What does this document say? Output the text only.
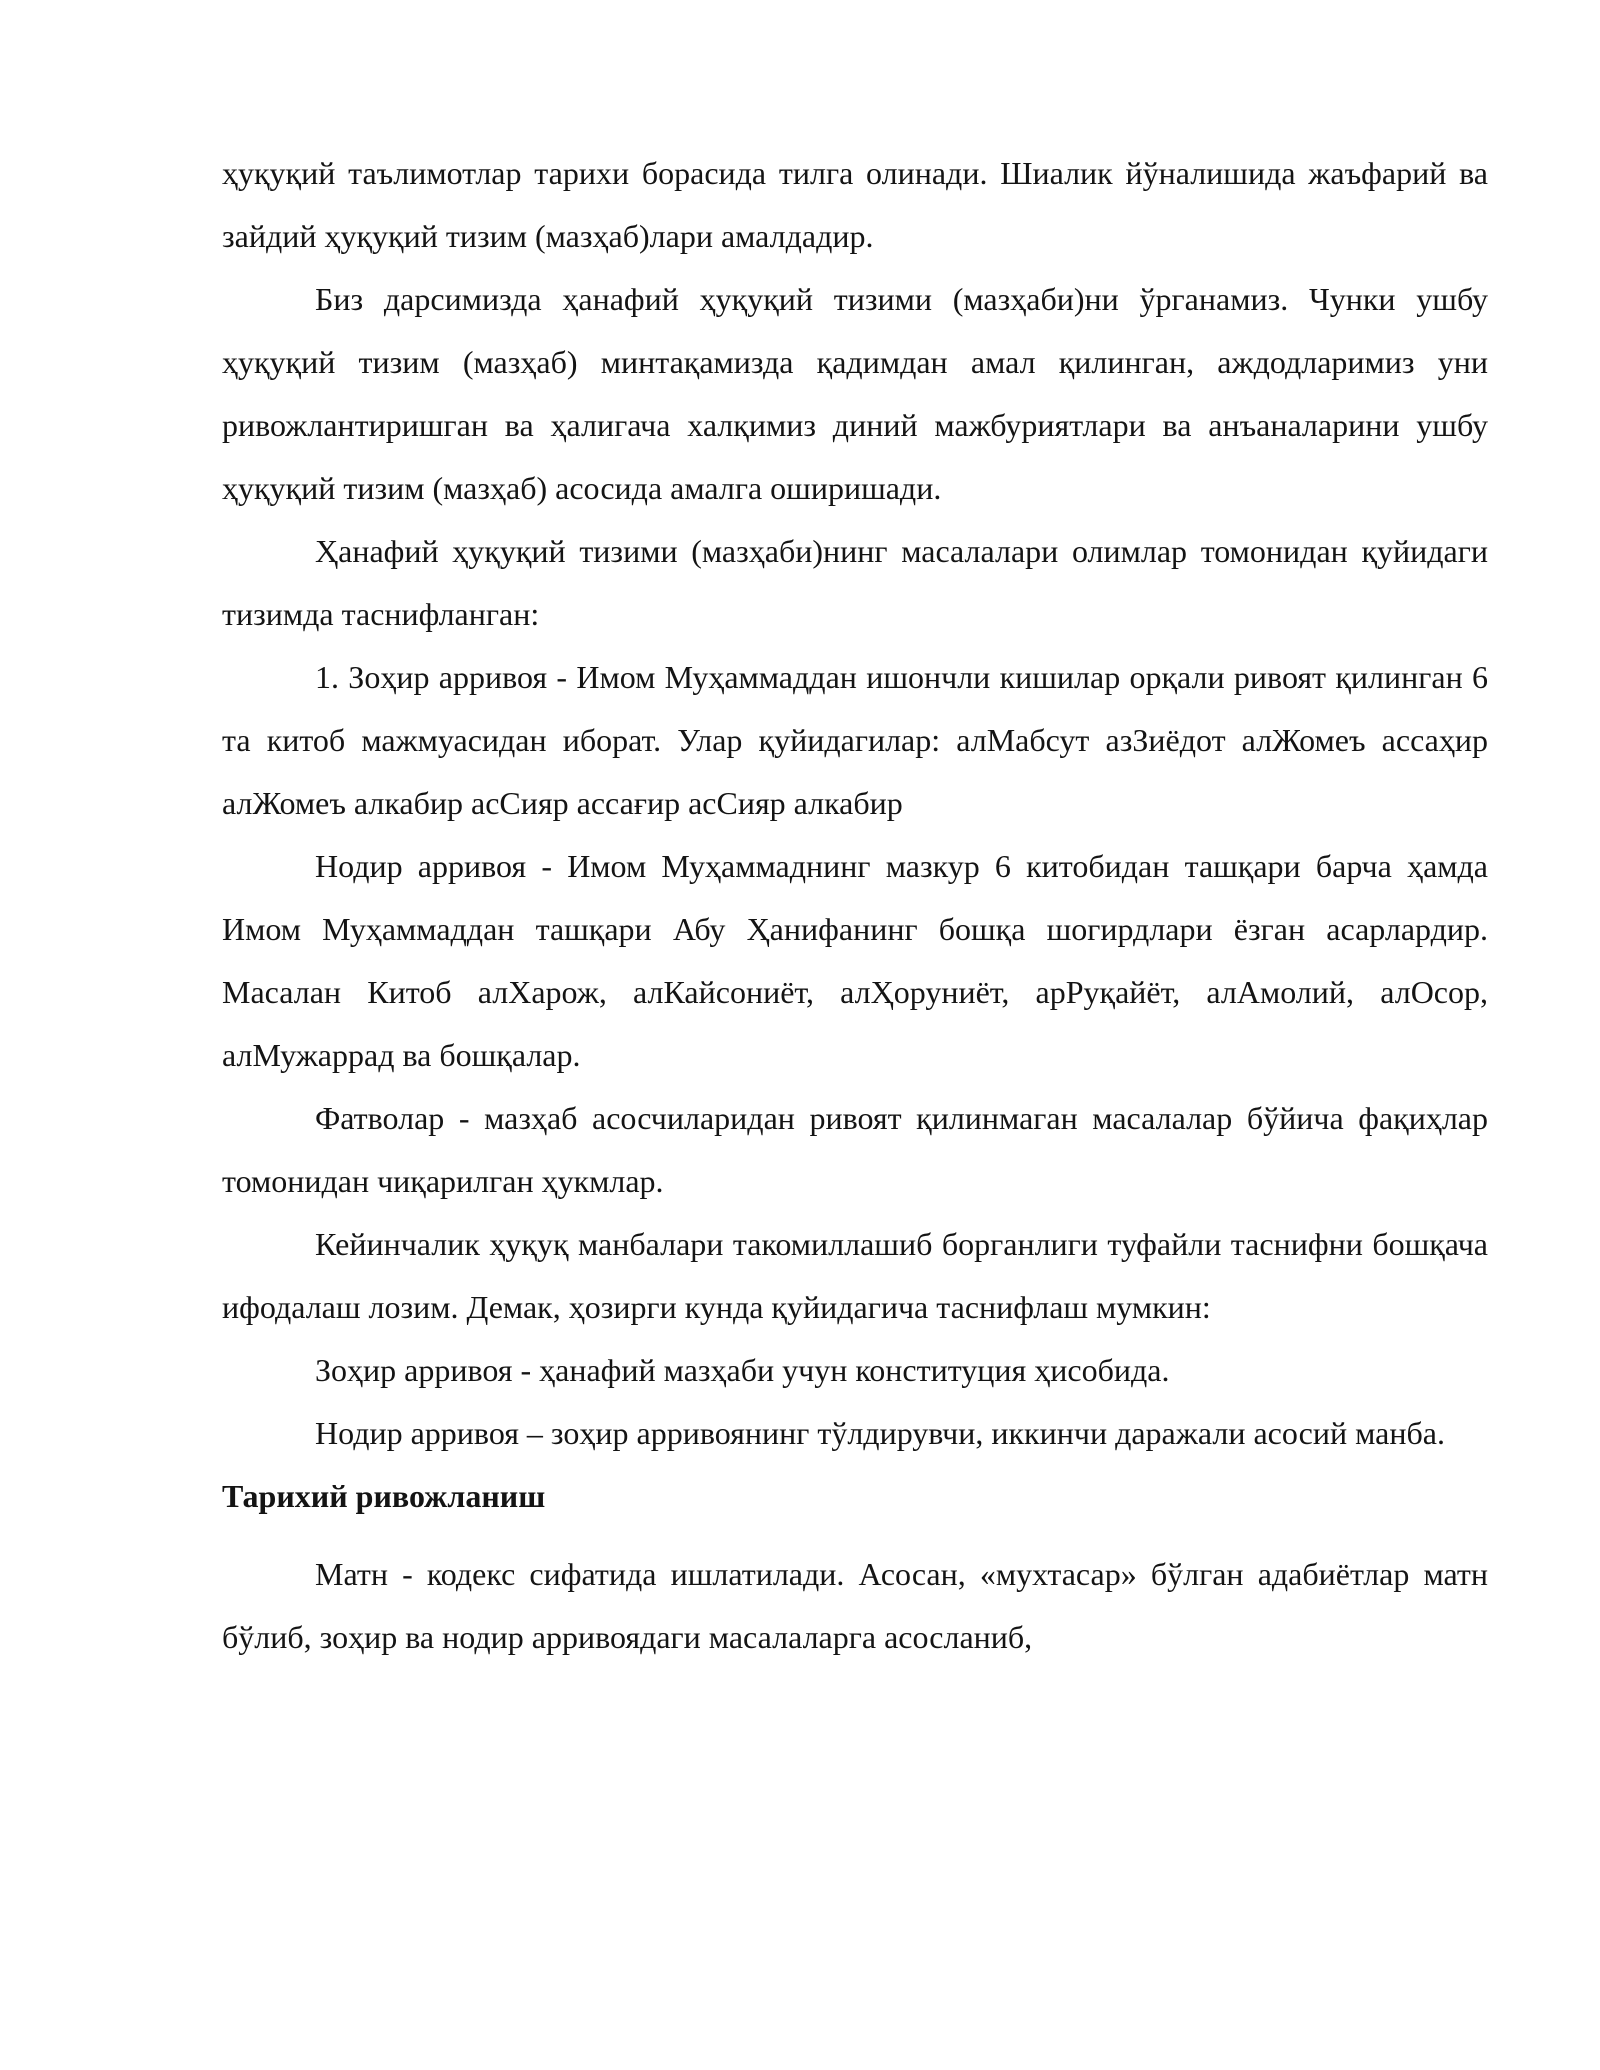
ҳуқуқий таълимотлар тарихи борасида тилга олинади. Шиалик йўналишида жаъфарий ва зайдий ҳуқуқий тизим (мазҳаб)лари амалдадир.

Биз дарсимизда ҳанафий ҳуқуқий тизими (мазҳаби)ни ўрганамиз. Чунки ушбу ҳуқуқий тизим (мазҳаб) минтақамизда қадимдан амал қилинган, аждодларимиз уни ривожлантиришган ва ҳалигача халқимиз диний мажбуриятлари ва анъаналарини ушбу ҳуқуқий тизим (мазҳаб) асосида амалга оширишади.

Ҳанафий ҳуқуқий тизими (мазҳаби)нинг масалалари олимлар томонидан қуйидаги тизимда таснифланган:

1. Зоҳир арривоя - Имом Муҳаммаддан ишончли кишилар орқали ривоят қилинган 6 та китоб мажмуасидан иборат. Улар қуйидагилар: алМабсут азЗиёдот алЖомеъ ассаҳир алЖомеъ алкабир асСияр ассағир асСияр алкабир

Нодир арривоя - Имом Муҳаммаднинг мазкур 6 китобидан ташқари барча ҳамда Имом Муҳаммаддан ташқари Абу Ҳанифанинг бошқа шогирдлари ёзган асарлардир. Масалан Китоб алХарож, алКайсониёт, алҲоруниёт, арРуқайёт, алАмолий, алОсор, алМужаррад ва бошқалар.

Фатволар - мазҳаб асосчиларидан ривоят қилинмаган масалалар бўйича фақиҳлар томонидан чиқарилган ҳукмлар.

Кейинчалик ҳуқуқ манбалари такомиллашиб борганлиги туфайли таснифни бошқача ифодалаш лозим. Демак, ҳозирги кунда қуйидагича таснифлаш мумкин:

Зоҳир арривоя - ҳанафий мазҳаби учун конституция ҳисобида.

Нодир арривоя – зоҳир арривоянинг тўлдирувчи, иккинчи даражали асосий манба.

Тарихий ривожланиш

Матн - кодекс сифатида ишлатилади. Асосан, «мухтасар» бўлган адабиётлар матн бўлиб, зоҳир ва нодир арривоядаги масалаларга асосланиб,
